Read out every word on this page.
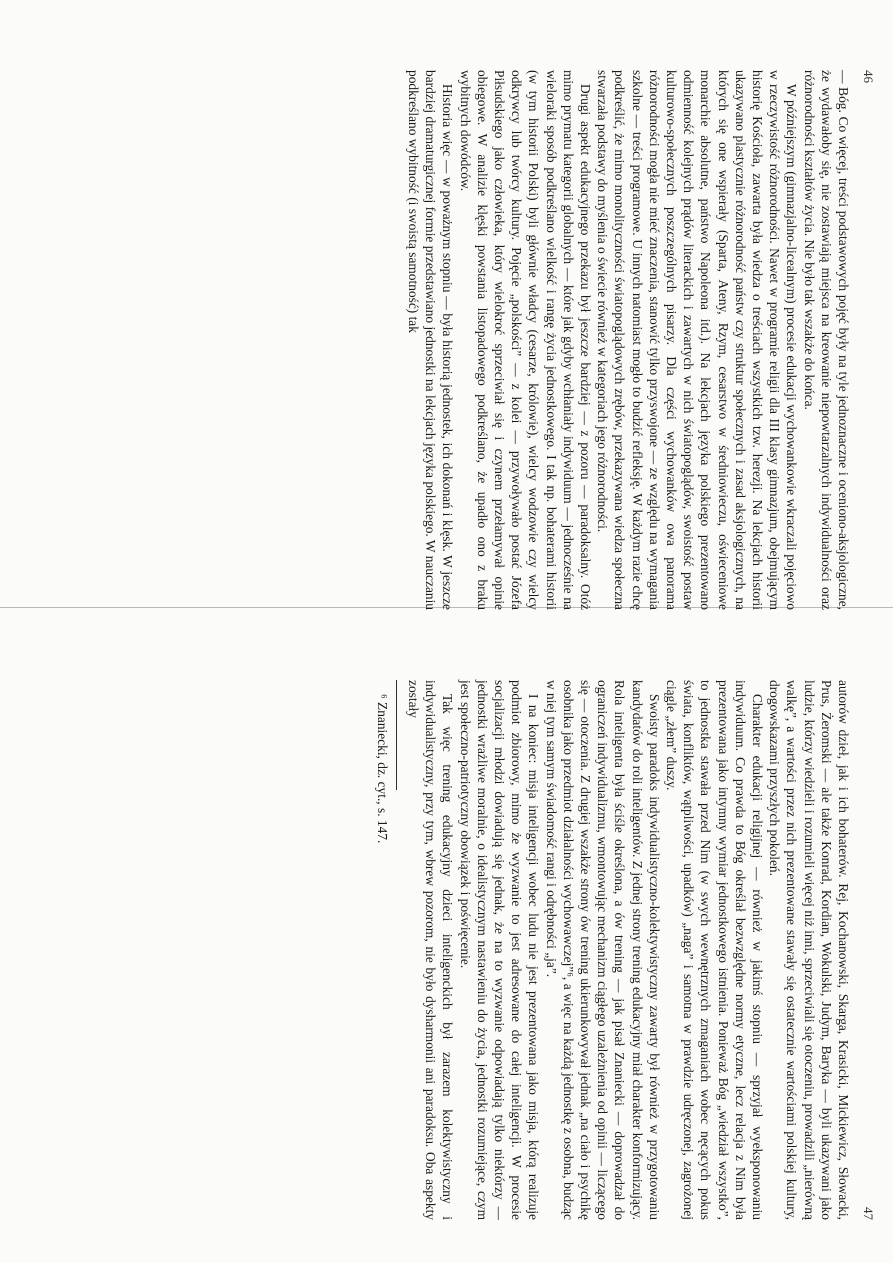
46

— Bóg. Co więcej, treści podstawowych pojęć były na tyle jednoznaczne i oceniono-aksjologiczne, że wydawałoby się, nie zostawiają miejsca na kreowanie niepowtarzalnych indywidualności oraz różnorodności kształtów życia. Nie było tak wszakże do końca.

W późniejszym (gimnazjalno-licealnym) procesie edukacji wychowankowie wkraczali pojęciowo w rzeczywistość różnorodności. Nawet w programie religii dla III klasy gimnazjum, obejmującym historię Kościoła, zawarta była wiedza o treściach wszystkich tzw. herezji. Na lekcjach historii ukazywano plastycznie różnorodność państw czy struktur społecznych i zasad aksjologicznych, na których się one wspierały (Sparta, Ateny, Rzym, cesarstwo w średniowieczu, oświeceniowe monarchie absolutne, państwo Napoleona itd.). Na lekcjach języka polskiego prezentowano odmienność kolejnych prądów literackich i zawartych w nich światopoglądów, swoistość postaw kulturowo-społecznych poszczególnych pisarzy. Dla części wychowanków owa panorama różnorodności mogła nie mieć znaczenia, stanowić tylko przyswojone — ze względu na wymagania szkolne — treści programowe. U innych natomiast mogło to budzić refleksję. W każdym razie chcę podkreślić, że mimo monolityczności światopoglądowych zrębów, przekazywana wiedza społeczna stwarzała podstawy do myślenia o świecie również w kategoriach jego różnorodności.

Drugi aspekt edukacyjnego przekazu był jeszcze bardziej — z pozoru — paradoksalny. Otóż mimo prymatu kategorii globalnych — które jak gdyby wchłaniały indywiduum — jednocześnie na wieloraki sposób podkreślano wielkość i rangę życia jednostkowego. I tak np. bohaterami historii (w tym historii Polski) byli głównie władcy (cesarze, królowie), wielcy wodzowie czy wielcy odkrywcy lub twórcy kultury. Pojęcie „polskości” — z kolei — przywoływało postać Józefa Piłsudskiego jako człowieka, który wielokroć sprzeciwiał się i czynem przełamywał opinie obiegowe. W analizie klęski powstania listopadowego podkreślano, że upadło ono z braku wybitnych dowódców.

Historia więc — w poważnym stopniu — była historią jednostek, ich dokonań i klęsk. W jeszcze bardziej dramaturgicznej formie przedstawiano jednostki na lekcjach języka polskiego. W nauczaniu podkreślano wybitność (i swoistą samotność) tak

47

autorów dzieł, jak i ich bohaterów. Rej, Kochanowski, Skarga, Krasicki, Mickiewicz, Słowacki, Prus, Żeromski — ale także Konrad, Kordian, Wokulski, Judym, Baryka — byli ukazywani jako ludzie, którzy wiedzieli i rozumieli więcej niż inni, sprzeciwiali się otoczeniu, prowadzili „nierówną walkę”, a wartości przez nich prezentowane stawały się ostatecznie wartościami polskiej kultury, drogowskazami przyszłych pokoleń.

Charakter edukacji religijnej — również w jakimś stopniu — sprzyjał wyeksponowaniu indywiduum. Co prawda to Bóg określał bezwzględne normy etyczne, lecz relacja z Nim była prezentowana jako intymny wymiar jednostkowego istnienia. Ponieważ Bóg „wiedział wszystko”, to jednostka stawała przed Nim (w swych wewnętrznych zmaganiach wobec nęcących pokus świata, konfliktów, wątpliwości, upadków) „naga” i samotna w prawdzie udręczonej, zagrożonej ciągle „złem” duszy.

Swoisty paradoks indywidualistyczno-kolektywistyczny zawarty był również w przygotowaniu kandydatów do roli inteligentów. Z jednej strony trening edukacyjny miał charakter konformizujący. Rola inteligenta była ściśle określona, a ów trening — jak pisał Znaniecki — doprowadzał do ograniczeń indywidualizmu, wmontowując mechanizm ciągłego uzależnienia od opinii — liczącego się — otoczenia. Z drugiej wszakże strony ów trening ukierunkowywał jednak „na ciało i psychikę osobnika jako przedmiot działalności wychowawczej”⁶, a więc na każdą jednostkę z osobna, budząc w niej tym samym świadomość rangi i odrębności „ja”.

I na koniec: misja inteligencji wobec ludu nie jest prezentowana jako misja, którą realizuje podmiot zbiorowy, mimo że wyzwanie to jest adresowane do całej inteligencji. W procesie socjalizacji młodzi dowiadują się jednak, że na to wyzwanie odpowiadają tylko niektórzy — jednostki wrażliwe moralnie, o idealistycznym nastawieniu do życia, jednostki rozumiejące, czym jest społeczno-patriotyczny obowiązek i poświęcenie.

Tak więc trening edukacyjny dzieci inteligenckich był zarazem kolektywistyczny i indywidualistyczny, przy tym, wbrew pozorom, nie było dysharmonii ani paradoksu. Oba aspekty zostały

⁶ Znaniecki, dz. cyt., s. 147.
